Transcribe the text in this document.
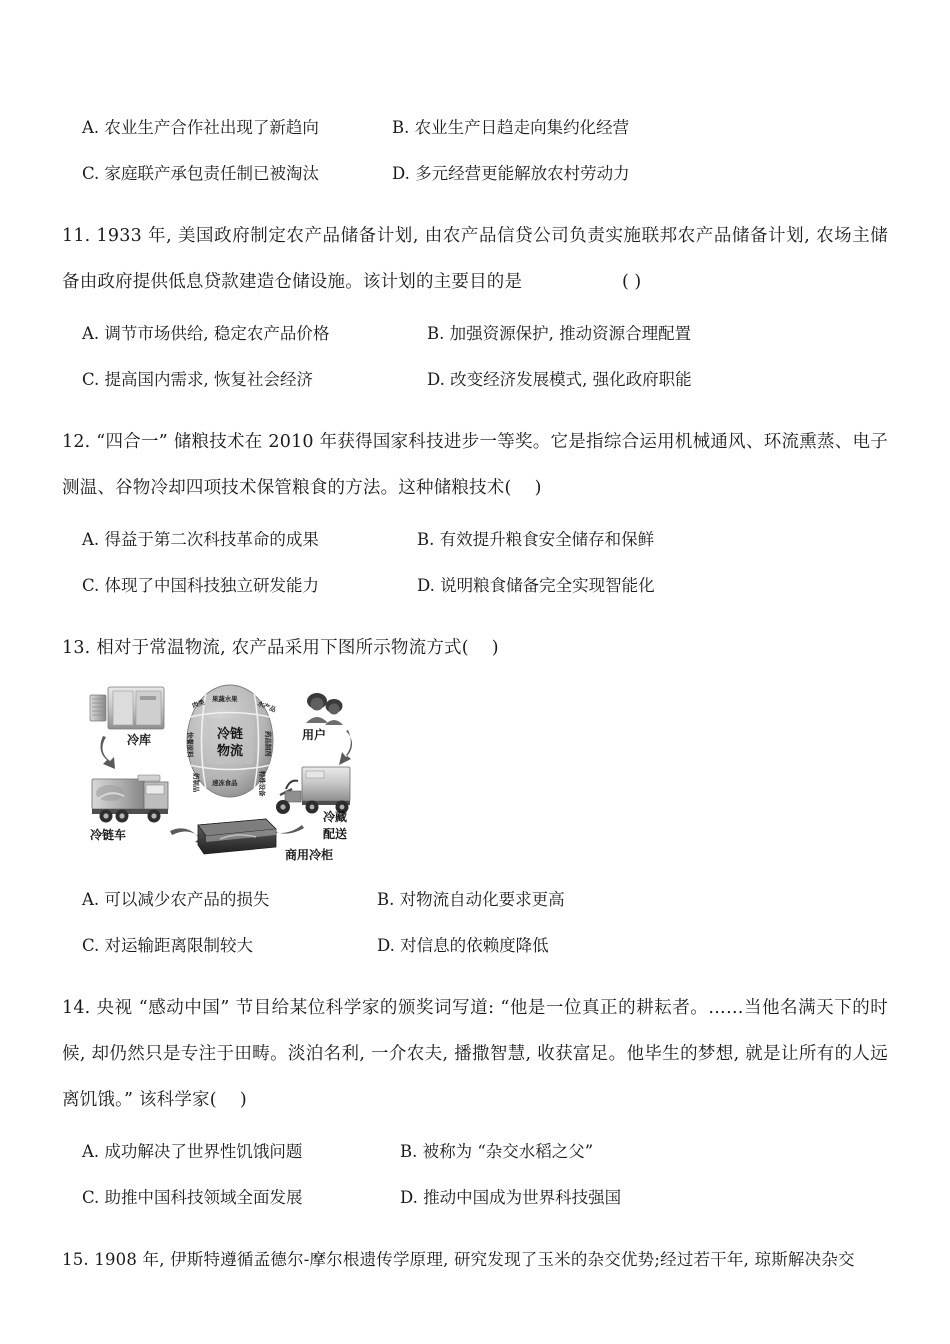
A. 农业生产合作社出现了新趋向	B. 农业生产日趋走向集约化经营
C. 家庭联产承包责任制已被淘汰	D. 多元经营更能解放农村劳动力
11. 1933 年, 美国政府制定农产品储备计划, 由农产品信贷公司负责实施联邦农产品储备计划, 农场主储备由政府提供低息贷款建造仓储设施。该计划的主要目的是	( )
A. 调节市场供给, 稳定农产品价格	B. 加强资源保护, 推动资源合理配置
C. 提高国内需求, 恢复社会经济	D. 改变经济发展模式, 强化政府职能
12. “四合一” 储粮技术在 2010 年获得国家科技进步一等奖。它是指综合运用机械通风、环流熏蒸、电子测温、谷物冷却四项技术保管粮食的方法。这种储粮技术(    )
A. 得益于第二次科技革命的成果	B. 有效提升粮食安全储存和保鲜
C. 体现了中国科技独立研发能力	D. 说明粮食储备完全实现智能化
13. 相对于常温物流, 农产品采用下图所示物流方式(    )
冷库
冷链车
肉类 果蔬水果
水产品
快餐原料	药品制剂
奶制品 速冻食品	特殊设备
冷链
物流
用户
冷藏
配送
商用冷柜
A. 可以减少农产品的损失	B. 对物流自动化要求更高
C. 对运输距离限制较大	D. 对信息的依赖度降低
14. 央视 “感动中国” 节目给某位科学家的颁奖词写道: “他是一位真正的耕耘者。……当他名满天下的时候, 却仍然只是专注于田畴。淡泊名利, 一介农夫, 播撒智慧, 收获富足。他毕生的梦想, 就是让所有的人远离饥饿。” 该科学家(    )
A. 成功解决了世界性饥饿问题	B. 被称为 “杂交水稻之父”
C. 助推中国科技领域全面发展	D. 推动中国成为世界科技强国
15. 1908 年, 伊斯特遵循孟德尔-摩尔根遗传学原理, 研究发现了玉米的杂交优势;经过若干年, 琼斯解决杂交
